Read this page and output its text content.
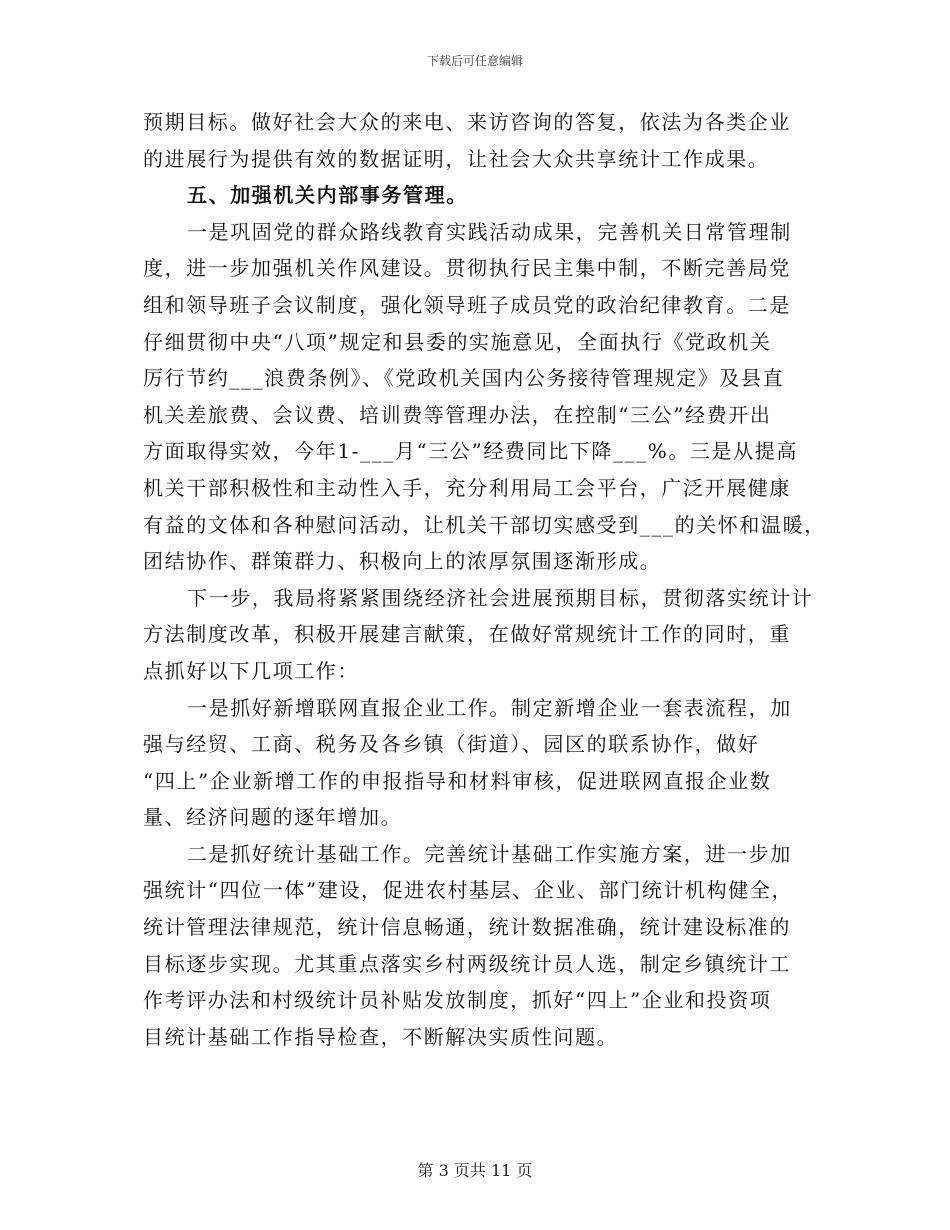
下载后可任意编辑
预期目标。做好社会大众的来电、来访咨询的答复，依法为各类企业
的进展行为提供有效的数据证明，让社会大众共享统计工作成果。
五、加强机关内部事务管理。
一是巩固党的群众路线教育实践活动成果，完善机关日常管理制
度，进一步加强机关作风建设。贯彻执行民主集中制，不断完善局党
组和领导班子会议制度，强化领导班子成员党的政治纪律教育。二是
仔细贯彻中央“八项”规定和县委的实施意见，全面执行《党政机关
厉行节约___浪费条例》、《党政机关国内公务接待管理规定》及县直
机关差旅费、会议费、培训费等管理办法，在控制“三公”经费开出
方面取得实效，今年1-___月“三公”经费同比下降___%。三是从提高
机关干部积极性和主动性入手，充分利用局工会平台，广泛开展健康
有益的文体和各种慰问活动，让机关干部切实感受到___的关怀和温暖，
团结协作、群策群力、积极向上的浓厚氛围逐渐形成。
下一步，我局将紧紧围绕经济社会进展预期目标，贯彻落实统计计
方法制度改革，积极开展建言献策，在做好常规统计工作的同时，重
点抓好以下几项工作：
一是抓好新增联网直报企业工作。制定新增企业一套表流程，加
强与经贸、工商、税务及各乡镇（街道）、园区的联系协作，做好
“四上”企业新增工作的申报指导和材料审核，促进联网直报企业数
量、经济问题的逐年增加。
二是抓好统计基础工作。完善统计基础工作实施方案，进一步加
强统计“四位一体”建设，促进农村基层、企业、部门统计机构健全，
统计管理法律规范，统计信息畅通，统计数据准确，统计建设标准的
目标逐步实现。尤其重点落实乡村两级统计员人选，制定乡镇统计工
作考评办法和村级统计员补贴发放制度，抓好“四上”企业和投资项
目统计基础工作指导检查，不断解决实质性问题。
第 3 页共 11 页
